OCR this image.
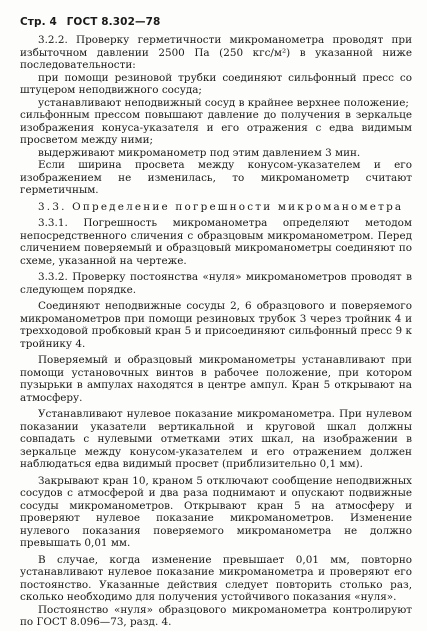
Стр. 4 ГОСТ 8.302—78

3.2.2. Проверку герметичности микроманометра проводят при избыточном давлении 2500 Па (250 кгс/м²) в указанной ниже последовательности:

при помощи резиновой трубки соединяют сильфонный пресс со штуцером неподвижного сосуда;

устанавливают неподвижный сосуд в крайнее верхнее положение;

сильфонным прессом повышают давление до получения в зеркальце изображения конуса-указателя и его отражения с едва видимым просветом между ними;

выдерживают микроманометр под этим давлением 3 мин.

Если ширина просвета между конусом-указателем и его изображением не изменилась, то микроманометр считают герметичным.

3.3. Определение погрешности микроманометра

3.3.1. Погрешность микроманометра определяют методом непосредственного сличения с образцовым микроманометром. Перед сличением поверяемый и образцовый микроманометры соединяют по схеме, указанной на чертеже.

3.3.2. Проверку постоянства «нуля» микроманометров проводят в следующем порядке.

Соединяют неподвижные сосуды 2, 6 образцового и поверяемого микроманометров при помощи резиновых трубок 3 через тройник 4 и трехходовой пробковый кран 5 и присоединяют сильфонный пресс 9 к тройнику 4.

Поверяемый и образцовый микроманометры устанавливают при помощи установочных винтов в рабочее положение, при котором пузырьки в ампулах находятся в центре ампул. Кран 5 открывают на атмосферу.

Устанавливают нулевое показание микроманометра. При нулевом показании указатели вертикальной и круговой шкал должны совпадать с нулевыми отметками этих шкал, на изображении в зеркальце между конусом-указателем и его отражением должен наблюдаться едва видимый просвет (приблизительно 0,1 мм).

Закрывают кран 10, краном 5 отключают сообщение неподвижных сосудов с атмосферой и два раза поднимают и опускают подвижные сосуды микроманометров. Открывают кран 5 на атмосферу и проверяют нулевое показание микроманометров. Изменение нулевого показания поверяемого микроманометра не должно превышать 0,01 мм.

В случае, когда изменение превышает 0,01 мм, повторно устанавливают нулевое показание микроманометра и проверяют его постоянство. Указанные действия следует повторить столько раз, сколько необходимо для получения устойчивого показания «нуля».

Постоянство «нуля» образцового микроманометра контролируют по ГОСТ 8.096—73, разд. 4.
